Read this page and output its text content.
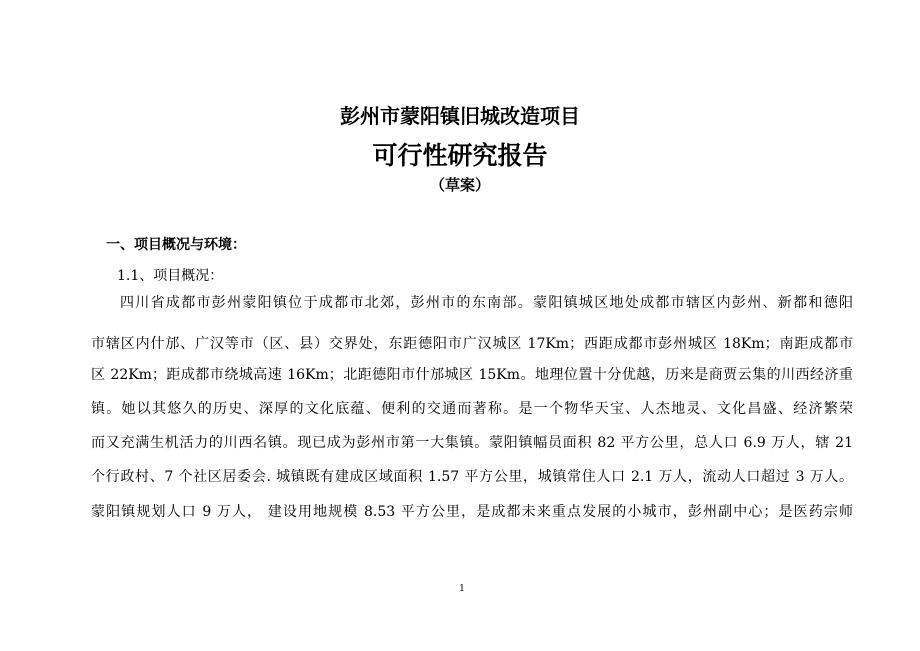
彭州市蒙阳镇旧城改造项目
可行性研究报告
（草案）
一、项目概况与环境：
1.1、项目概况：
四川省成都市彭州蒙阳镇位于成都市北郊，彭州市的东南部。蒙阳镇城区地处成都市辖区内彭州、新都和德阳
市辖区内什邡、广汉等市（区、县）交界处，东距德阳市广汉城区 17Km；西距成都市彭州城区 18Km；南距成都市
区 22Km；距成都市绕城高速 16Km；北距德阳市什邡城区 15Km。地理位置十分优越，历来是商贾云集的川西经济重
镇。她以其悠久的历史、深厚的文化底蕴、便利的交通而著称。是一个物华天宝、人杰地灵、文化昌盛、经济繁荣
而又充满生机活力的川西名镇。现已成为彭州市第一大集镇。蒙阳镇幅员面积 82 平方公里，总人口 6.9 万人，辖 21
个行政村、7 个社区居委会. 城镇既有建成区域面积 1.57 平方公里，城镇常住人口 2.1 万人，流动人口超过 3 万人。
蒙阳镇规划人口 9 万人， 建设用地规模 8.53 平方公里，是成都未来重点发展的小城市，彭州副中心；是医药宗师
1
